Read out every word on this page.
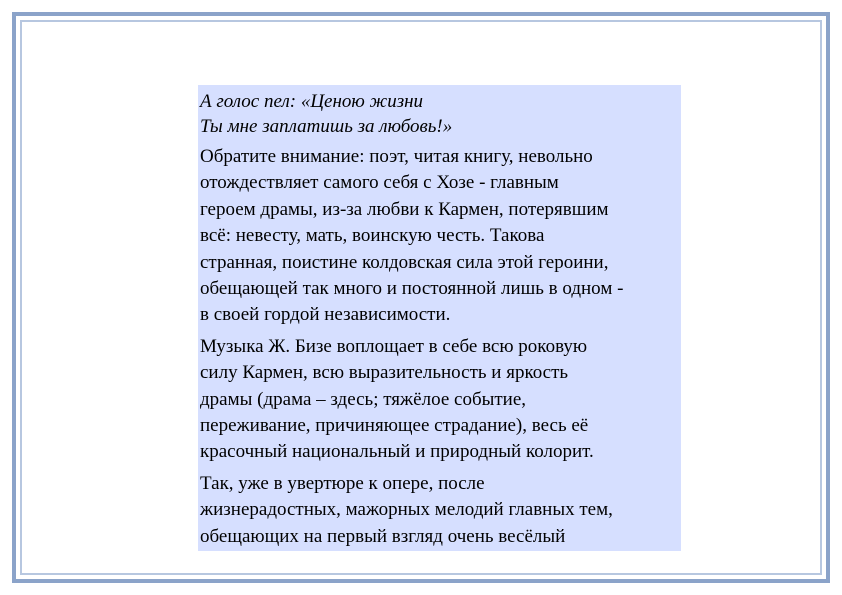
А голос пел: «Ценою жизни
Ты мне заплатишь за любовь!»
Обратите внимание: поэт, читая книгу, невольно
отождествляет самого себя с Хозе - главным
героем драмы, из-за любви к Кармен, потерявшим
всё: невесту, мать, воинскую честь. Такова
странная, поистине колдовская сила этой героини,
обещающей так много и постоянной лишь в одном -
в своей гордой независимости.
Музыка Ж. Бизе воплощает в себе всю роковую
силу Кармен, всю выразительность и яркость
драмы (драма – здесь; тяжёлое событие,
переживание, причиняющее страдание), весь её
красочный национальный и природный колорит.
Так, уже в увертюре к опере, после
жизнерадостных, мажорных мелодий главных тем,
обещающих на первый взгляд очень весёлый
